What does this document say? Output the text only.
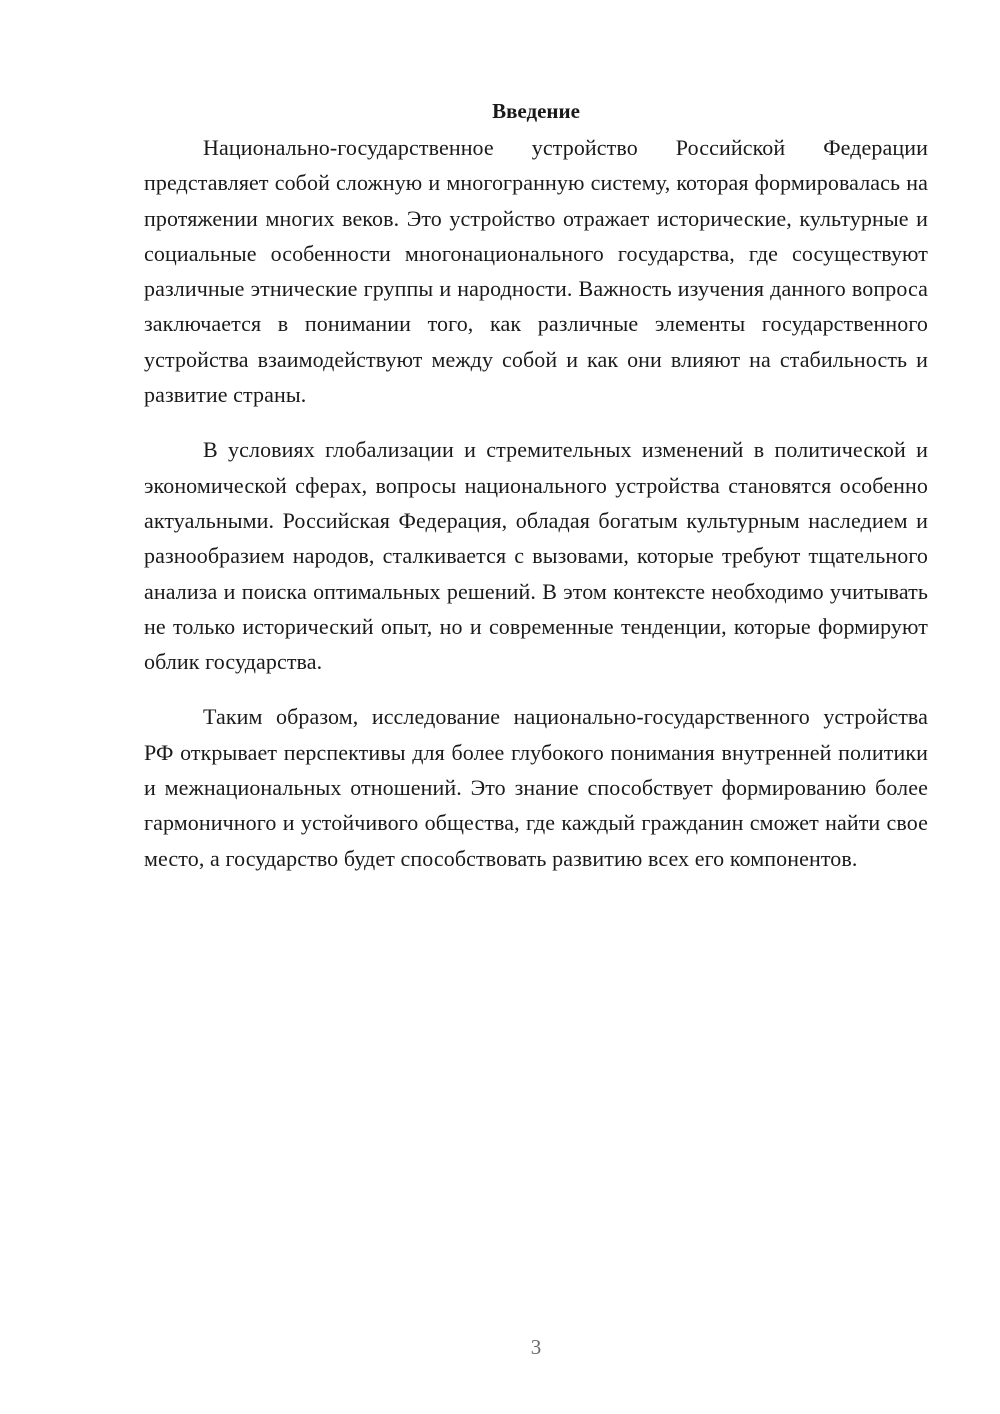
Введение

Национально-государственное устройство Российской Федерации представляет собой сложную и многогранную систему, которая формировалась на протяжении многих веков. Это устройство отражает исторические, культурные и социальные особенности многонационального государства, где сосуществуют различные этнические группы и народности. Важность изучения данного вопроса заключается в понимании того, как различные элементы государственного устройства взаимодействуют между собой и как они влияют на стабильность и развитие страны.

В условиях глобализации и стремительных изменений в политической и экономической сферах, вопросы национального устройства становятся особенно актуальными. Российская Федерация, обладая богатым культурным наследием и разнообразием народов, сталкивается с вызовами, которые требуют тщательного анализа и поиска оптимальных решений. В этом контексте необходимо учитывать не только исторический опыт, но и современные тенденции, которые формируют облик государства.

Таким образом, исследование национально-государственного устройства РФ открывает перспективы для более глубокого понимания внутренней политики и межнациональных отношений. Это знание способствует формированию более гармоничного и устойчивого общества, где каждый гражданин сможет найти свое место, а государство будет способствовать развитию всех его компонентов.

3
